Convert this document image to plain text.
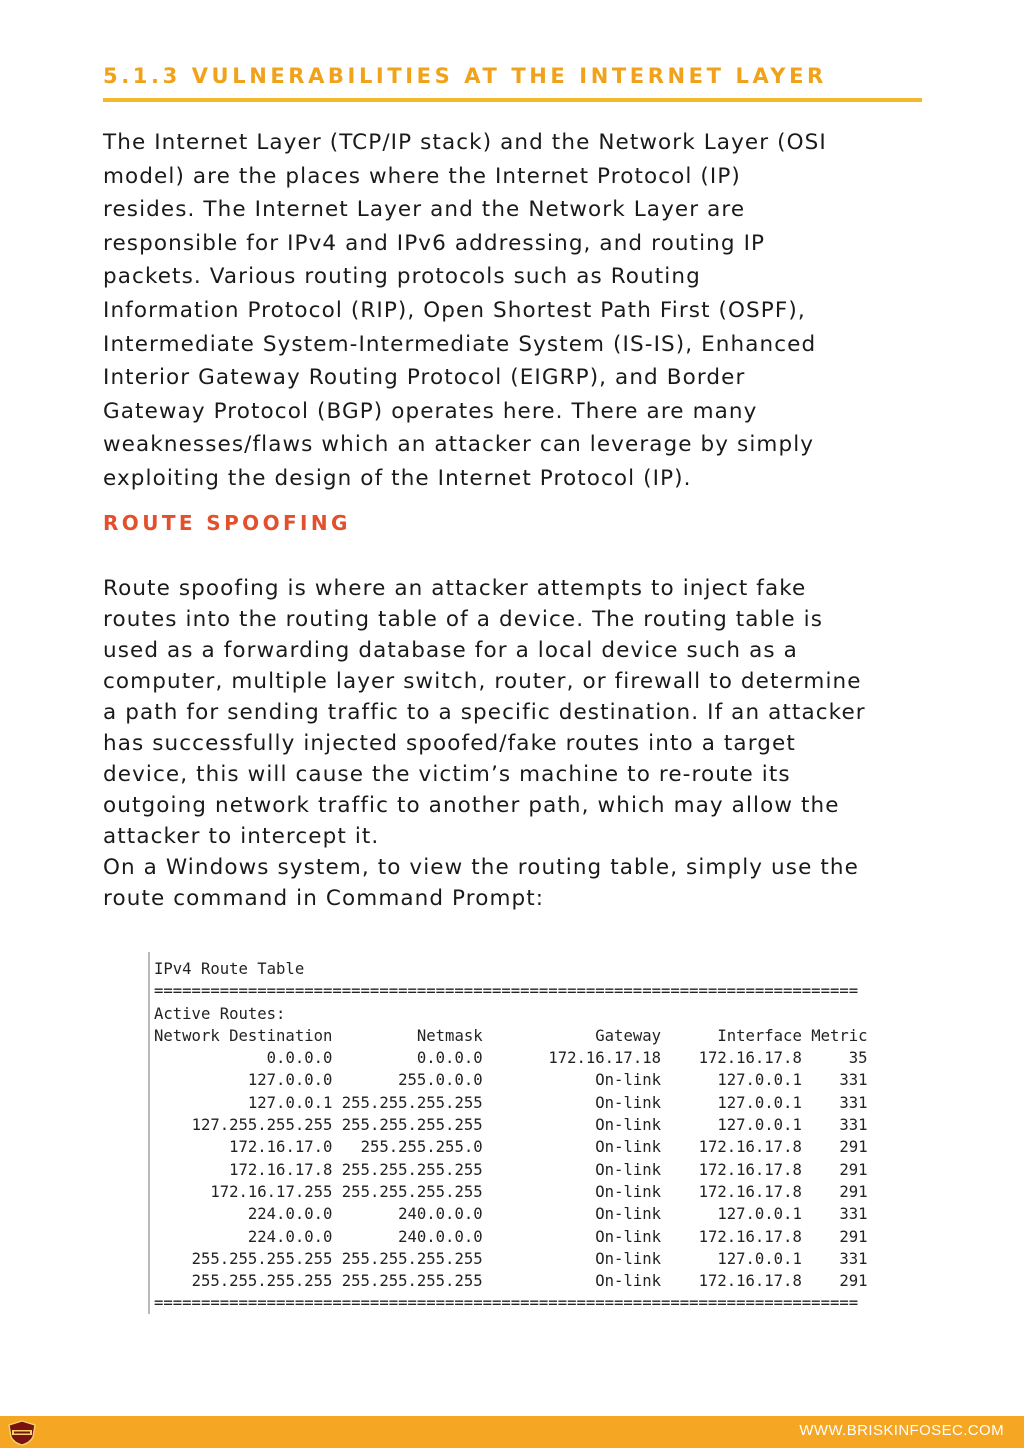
5.1.3 VULNERABILITIES AT THE INTERNET LAYER

The Internet Layer (TCP/IP stack) and the Network Layer (OSI
model) are the places where the Internet Protocol (IP)
resides. The Internet Layer and the Network Layer are
responsible for IPv4 and IPv6 addressing, and routing IP
packets. Various routing protocols such as Routing
Information Protocol (RIP), Open Shortest Path First (OSPF),
Intermediate System-Intermediate System (IS-IS), Enhanced
Interior Gateway Routing Protocol (EIGRP), and Border
Gateway Protocol (BGP) operates here. There are many
weaknesses/flaws which an attacker can leverage by simply
exploiting the design of the Internet Protocol (IP).

ROUTE SPOOFING

Route spoofing is where an attacker attempts to inject fake
routes into the routing table of a device. The routing table is
used as a forwarding database for a local device such as a
computer, multiple layer switch, router, or firewall to determine
a path for sending traffic to a specific destination. If an attacker
has successfully injected spoofed/fake routes into a target
device, this will cause the victim’s machine to re-route its
outgoing network traffic to another path, which may allow the
attacker to intercept it.
On a Windows system, to view the routing table, simply use the
route command in Command Prompt:

IPv4 Route Table
===========================================================================
Active Routes:
Network Destination	Netmask	Gateway	Interface Metric
0.0.0.0	0.0.0.0	172.16.17.18 172.16.17.8	35
127.0.0.0	255.0.0.0	On-link	127.0.0.1 331
127.0.0.1 255.255.255.255	On-link	127.0.0.1 331
127.255.255.255 255.255.255.255	On-link	127.0.0.1 331
172.16.17.0 255.255.255.0	On-link 172.16.17.8 291
172.16.17.8 255.255.255.255	On-link 172.16.17.8 291
172.16.17.255 255.255.255.255	On-link 172.16.17.8 291
224.0.0.0	240.0.0.0	On-link	127.0.0.1 331
224.0.0.0	240.0.0.0	On-link 172.16.17.8 291
255.255.255.255 255.255.255.255	On-link	127.0.0.1 331
255.255.255.255 255.255.255.255	On-link 172.16.17.8 291
===========================================================================
WWW.BRISKINFOSEC.COM
